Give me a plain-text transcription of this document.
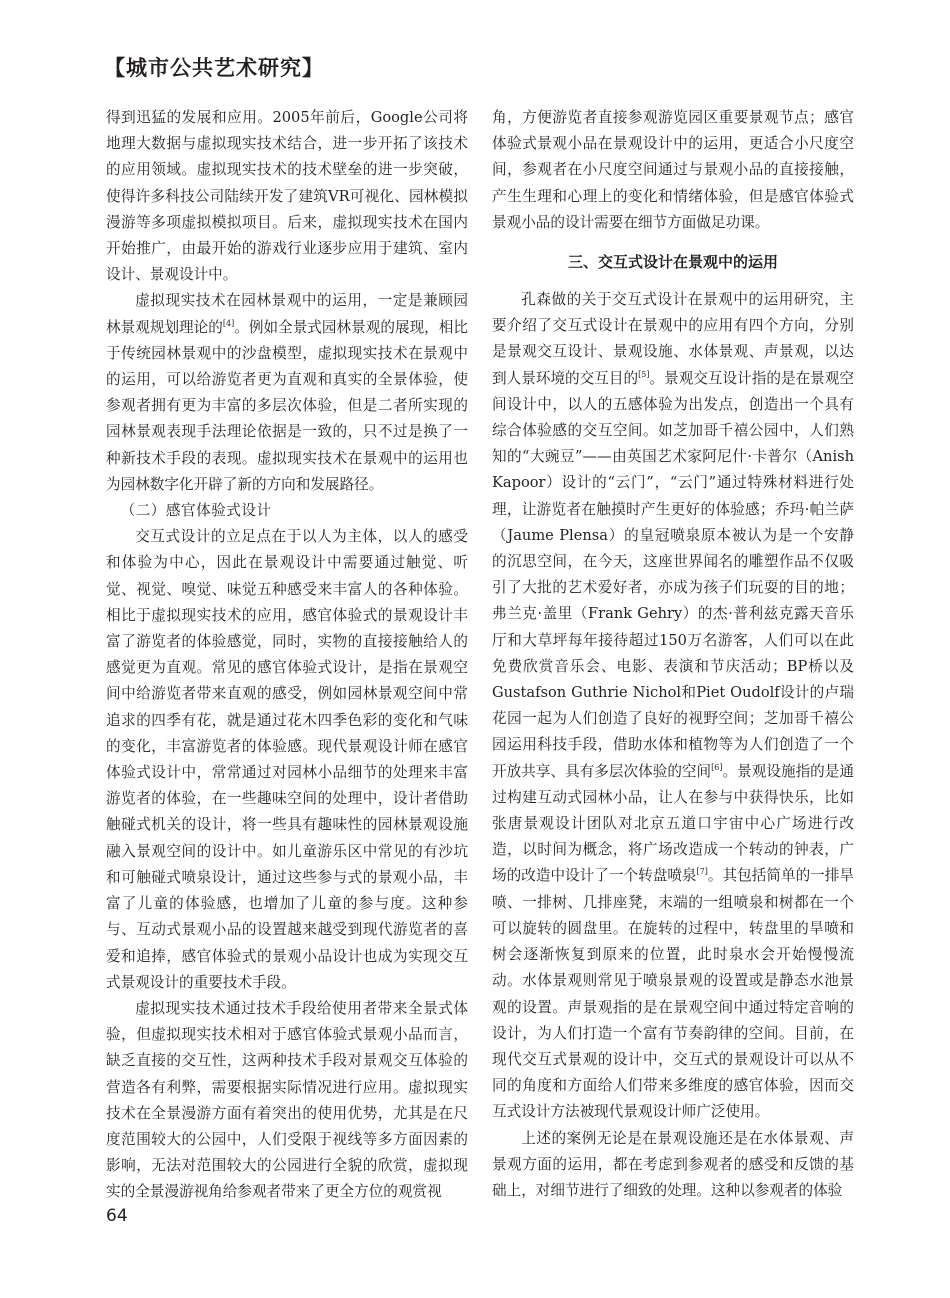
【城市公共艺术研究】

得到迅猛的发展和应用。2005年前后，Google公司将地理大数据与虚拟现实技术结合，进一步开拓了该技术的应用领域。虚拟现实技术的技术壁垒的进一步突破，使得许多科技公司陆续开发了建筑VR可视化、园林模拟漫游等多项虚拟模拟项目。后来，虚拟现实技术在国内开始推广，由最开始的游戏行业逐步应用于建筑、室内设计、景观设计中。

虚拟现实技术在园林景观中的运用，一定是兼顾园林景观规划理论的[4]。例如全景式园林景观的展现，相比于传统园林景观中的沙盘模型，虚拟现实技术在景观中的运用，可以给游览者更为直观和真实的全景体验，使参观者拥有更为丰富的多层次体验，但是二者所实现的园林景观表现手法理论依据是一致的，只不过是换了一种新技术手段的表现。虚拟现实技术在景观中的运用也为园林数字化开辟了新的方向和发展路径。

（二）感官体验式设计

交互式设计的立足点在于以人为主体，以人的感受和体验为中心，因此在景观设计中需要通过触觉、听觉、视觉、嗅觉、味觉五种感受来丰富人的各种体验。相比于虚拟现实技术的应用，感官体验式的景观设计丰富了游览者的体验感觉，同时，实物的直接接触给人的感觉更为直观。常见的感官体验式设计，是指在景观空间中给游览者带来直观的感受，例如园林景观空间中常追求的四季有花，就是通过花木四季色彩的变化和气味的变化，丰富游览者的体验感。现代景观设计师在感官体验式设计中，常常通过对园林小品细节的处理来丰富游览者的体验，在一些趣味空间的处理中，设计者借助触碰式机关的设计，将一些具有趣味性的园林景观设施融入景观空间的设计中。如儿童游乐区中常见的有沙坑和可触碰式喷泉设计，通过这些参与式的景观小品，丰富了儿童的体验感，也增加了儿童的参与度。这种参与、互动式景观小品的设置越来越受到现代游览者的喜爱和追捧，感官体验式的景观小品设计也成为实现交互式景观设计的重要技术手段。

虚拟现实技术通过技术手段给使用者带来全景式体验，但虚拟现实技术相对于感官体验式景观小品而言，缺乏直接的交互性，这两种技术手段对景观交互体验的营造各有利弊，需要根据实际情况进行应用。虚拟现实技术在全景漫游方面有着突出的使用优势，尤其是在尺度范围较大的公园中，人们受限于视线等多方面因素的影响，无法对范围较大的公园进行全貌的欣赏，虚拟现实的全景漫游视角给参观者带来了更全方位的观赏视

角，方便游览者直接参观游览园区重要景观节点；感官体验式景观小品在景观设计中的运用，更适合小尺度空间，参观者在小尺度空间通过与景观小品的直接接触，产生生理和心理上的变化和情绪体验，但是感官体验式景观小品的设计需要在细节方面做足功课。

三、交互式设计在景观中的运用

孔森做的关于交互式设计在景观中的运用研究，主要介绍了交互式设计在景观中的应用有四个方向，分别是景观交互设计、景观设施、水体景观、声景观，以达到人景环境的交互目的[5]。景观交互设计指的是在景观空间设计中，以人的五感体验为出发点，创造出一个具有综合体验感的交互空间。如芝加哥千禧公园中，人们熟知的“大豌豆”——由英国艺术家阿尼什·卡普尔（Anish Kapoor）设计的“云门”，“云门”通过特殊材料进行处理，让游览者在触摸时产生更好的体验感；乔玛·帕兰萨（Jaume Plensa）的皇冠喷泉原本被认为是一个安静的沉思空间，在今天，这座世界闻名的雕塑作品不仅吸引了大批的艺术爱好者，亦成为孩子们玩耍的目的地；弗兰克·盖里（Frank Gehry）的杰·普利兹克露天音乐厅和大草坪每年接待超过150万名游客，人们可以在此免费欣赏音乐会、电影、表演和节庆活动；BP桥以及Gustafson Guthrie Nichol和Piet Oudolf设计的卢瑞花园一起为人们创造了良好的视野空间；芝加哥千禧公园运用科技手段，借助水体和植物等为人们创造了一个开放共享、具有多层次体验的空间[6]。景观设施指的是通过构建互动式园林小品，让人在参与中获得快乐，比如张唐景观设计团队对北京五道口宇宙中心广场进行改造，以时间为概念，将广场改造成一个转动的钟表，广场的改造中设计了一个转盘喷泉[7]。其包括简单的一排旱喷、一排树、几排座凳，末端的一组喷泉和树都在一个可以旋转的圆盘里。在旋转的过程中，转盘里的旱喷和树会逐渐恢复到原来的位置，此时泉水会开始慢慢流动。水体景观则常见于喷泉景观的设置或是静态水池景观的设置。声景观指的是在景观空间中通过特定音响的设计，为人们打造一个富有节奏韵律的空间。目前，在现代交互式景观的设计中，交互式的景观设计可以从不同的角度和方面给人们带来多维度的感官体验，因而交互式设计方法被现代景观设计师广泛使用。

上述的案例无论是在景观设施还是在水体景观、声景观方面的运用，都在考虑到参观者的感受和反馈的基础上，对细节进行了细致的处理。这种以参观者的体验

64
